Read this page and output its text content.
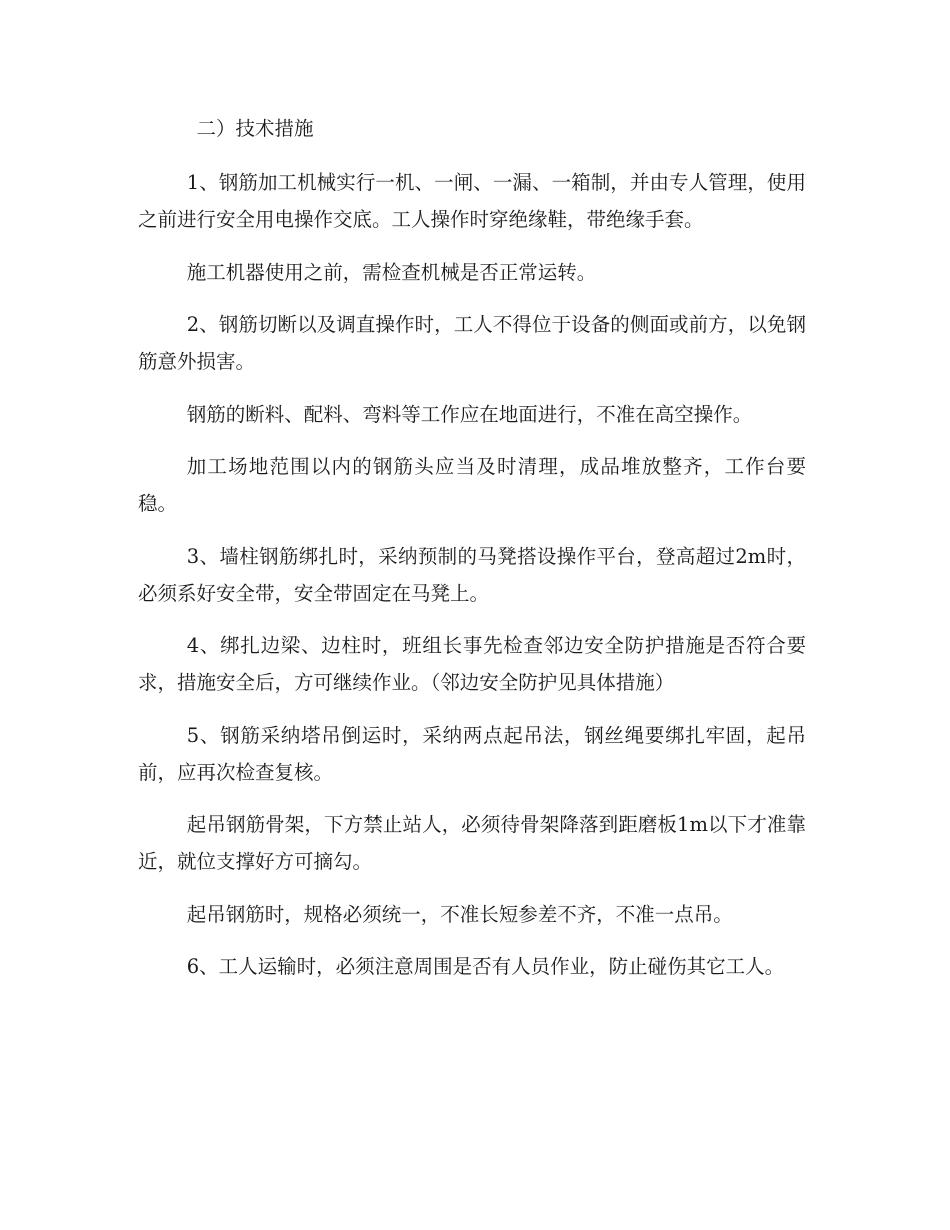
二）技术措施

1、钢筋加工机械实行一机、一闸、一漏、一箱制，并由专人管理，使用之前进行安全用电操作交底。工人操作时穿绝缘鞋，带绝缘手套。

施工机器使用之前，需检查机械是否正常运转。

2、钢筋切断以及调直操作时，工人不得位于设备的侧面或前方，以免钢筋意外损害。

钢筋的断料、配料、弯料等工作应在地面进行，不准在高空操作。

加工场地范围以内的钢筋头应当及时清理，成品堆放整齐，工作台要稳。

3、墙柱钢筋绑扎时，采纳预制的马凳搭设操作平台，登高超过2m时，必须系好安全带，安全带固定在马凳上。

4、绑扎边梁、边柱时，班组长事先检查邻边安全防护措施是否符合要求，措施安全后，方可继续作业。（邻边安全防护见具体措施）

5、钢筋采纳塔吊倒运时，采纳两点起吊法，钢丝绳要绑扎牢固，起吊前，应再次检查复核。

起吊钢筋骨架，下方禁止站人，必须待骨架降落到距磨板1m以下才准靠近，就位支撑好方可摘勾。

起吊钢筋时，规格必须统一，不准长短参差不齐，不准一点吊。

6、工人运输时，必须注意周围是否有人员作业，防止碰伤其它工人。
